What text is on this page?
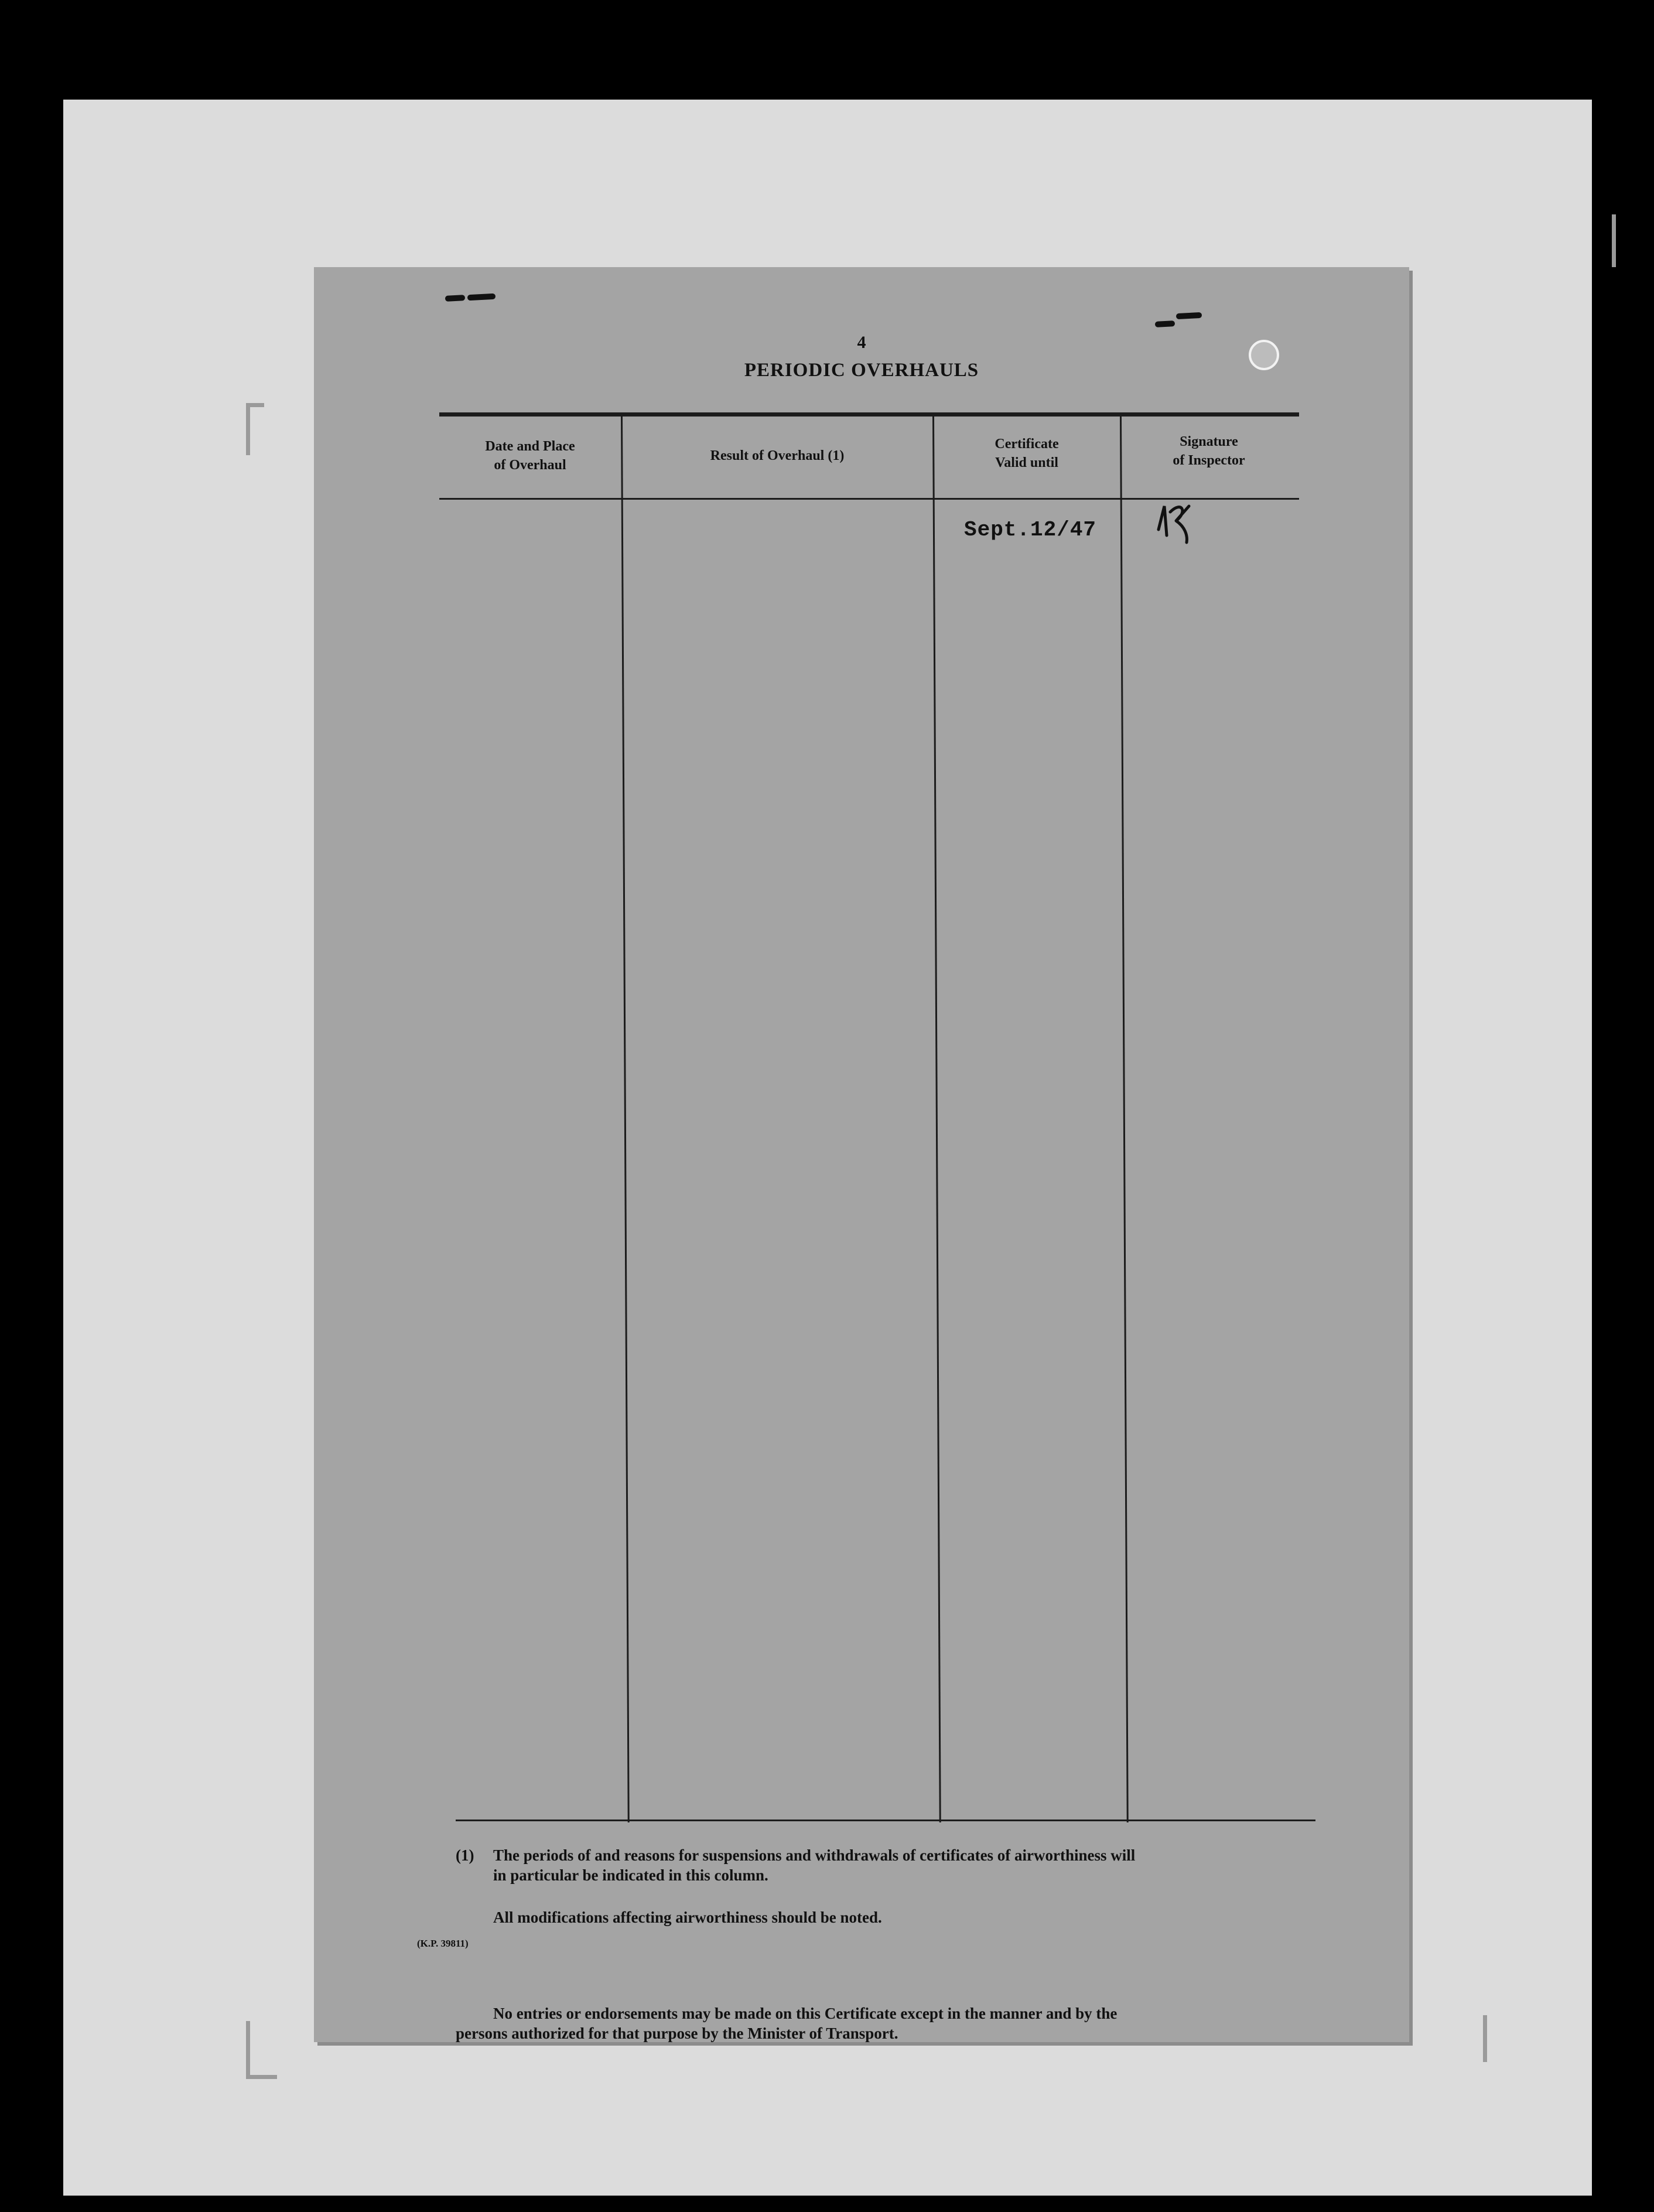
4
PERIODIC OVERHAULS
Date and Place
of Overhaul
Result of Overhaul (1)
Certificate
Valid until
Signature
of Inspector
Sept.12/47
(1)	The periods of and reasons for suspensions and withdrawals of certificates of airworthiness will
in particular be indicated in this column.
All modifications affecting airworthiness should be noted.
No entries or endorsements may be made on this Certificate except in the manner and by the
persons authorized for that purpose by the Minister of Transport.
(K.P. 39811)
